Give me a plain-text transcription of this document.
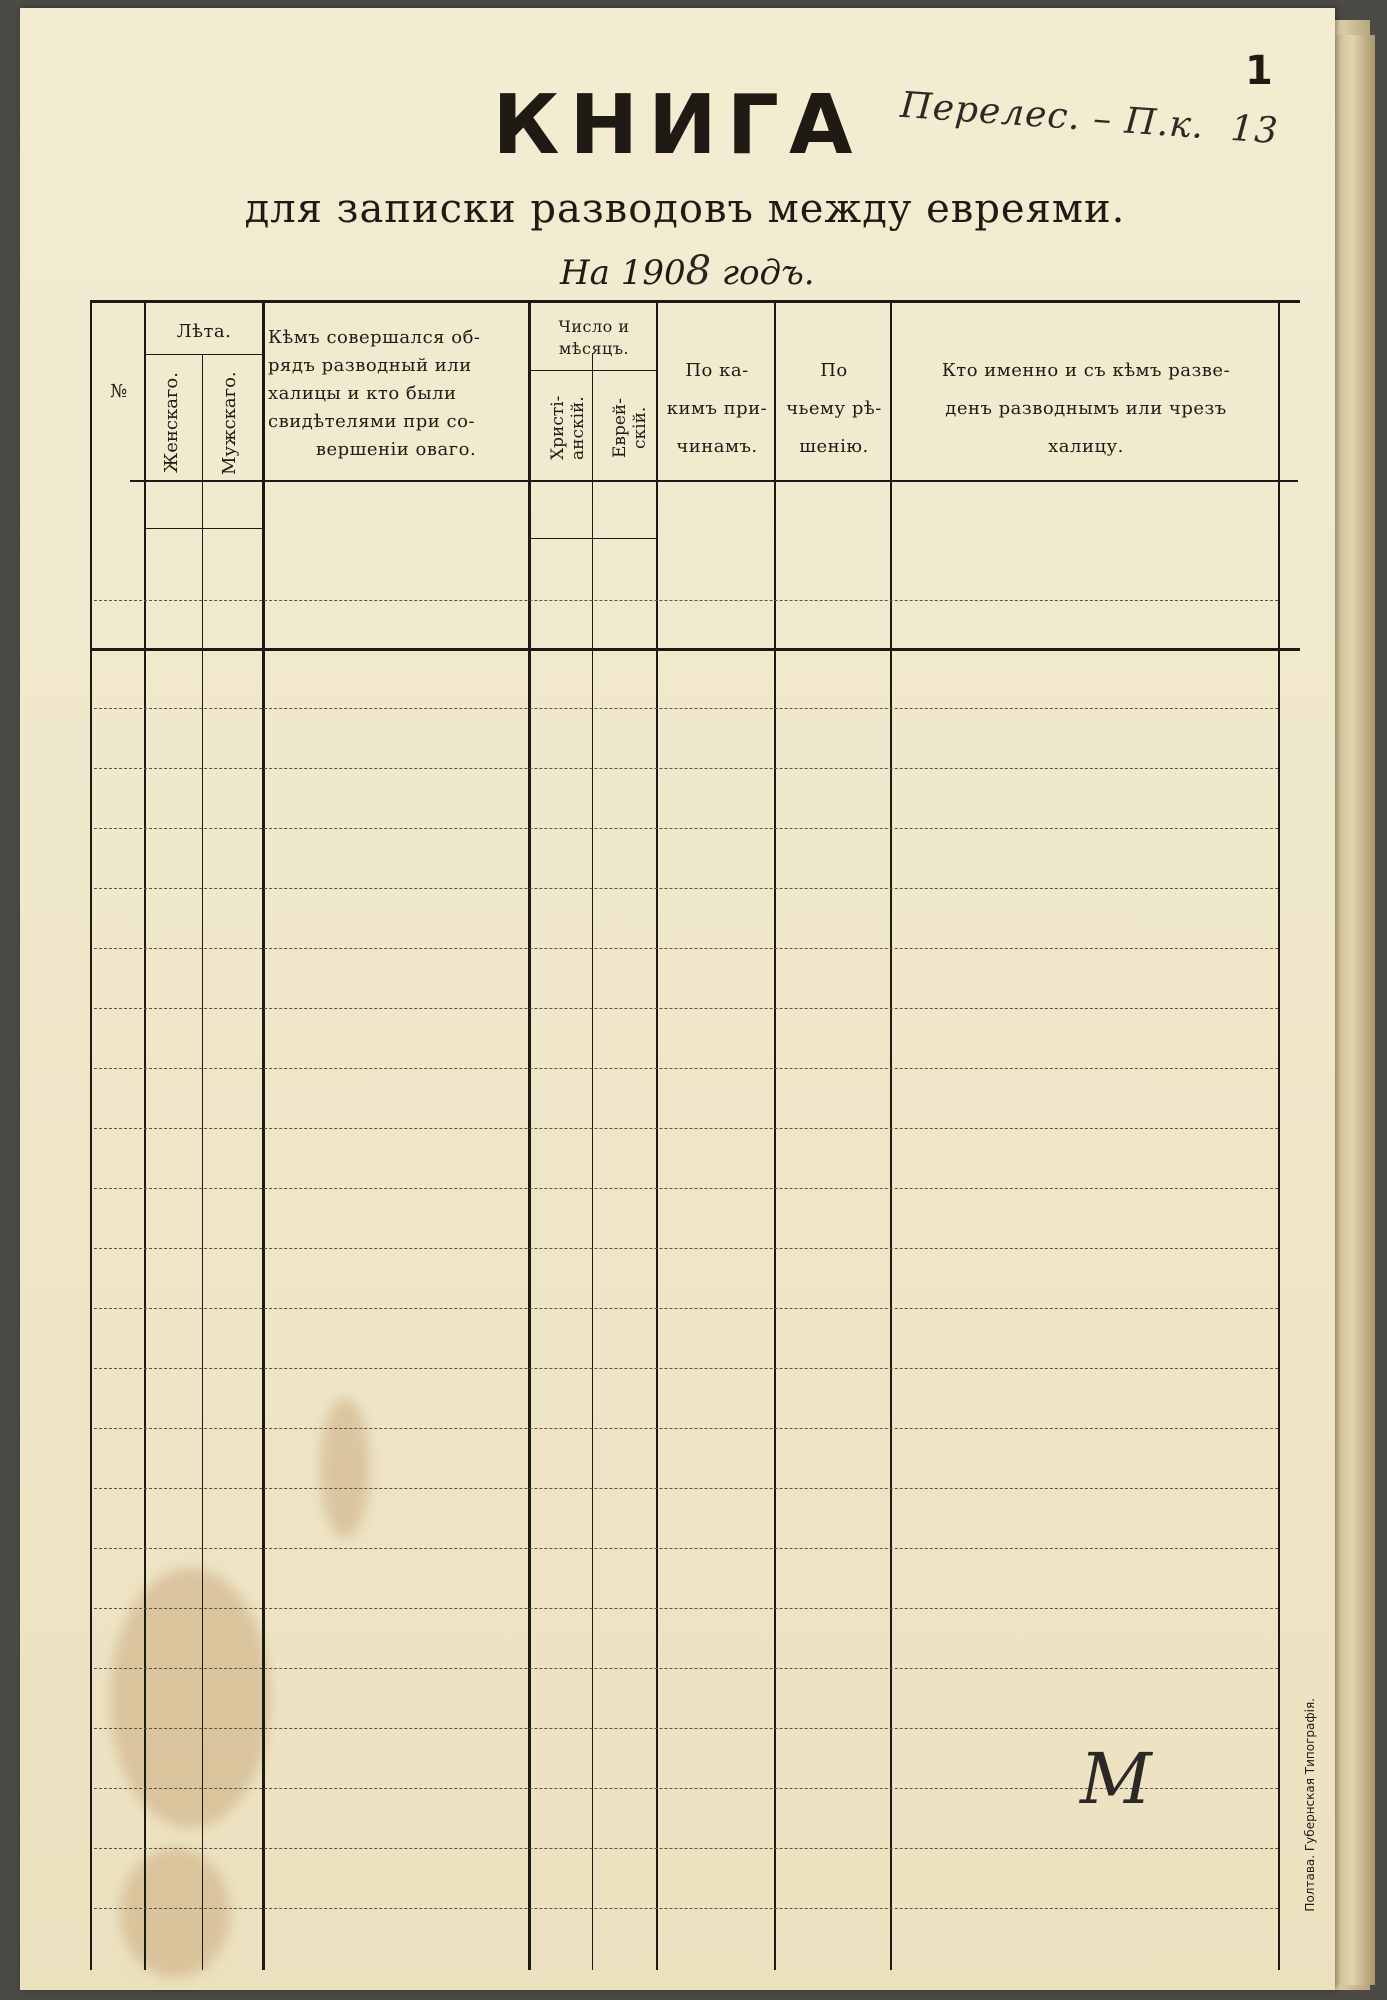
1
Перелес. – П.к. 13
КНИГА
для записки разводовъ между евреями.
На 1908 годъ.
№
Лѣта.
Женскаго. Мужскаго.
Кѣмъ совершался об-
рядъ разводный или
халицы и кто были
свидѣтелями при со-
вершеніи оваго.
Число и
мѣсяцъ.
Христі-
анскій. Еврей-
скій.
По ка-
кимъ при-
чинамъ.
По
чьему рѣ-
шенію.
Кто именно и съ кѣмъ разве-
денъ разводнымъ или чрезъ
халицу.
М	Полтава. Губернская Типографія.
